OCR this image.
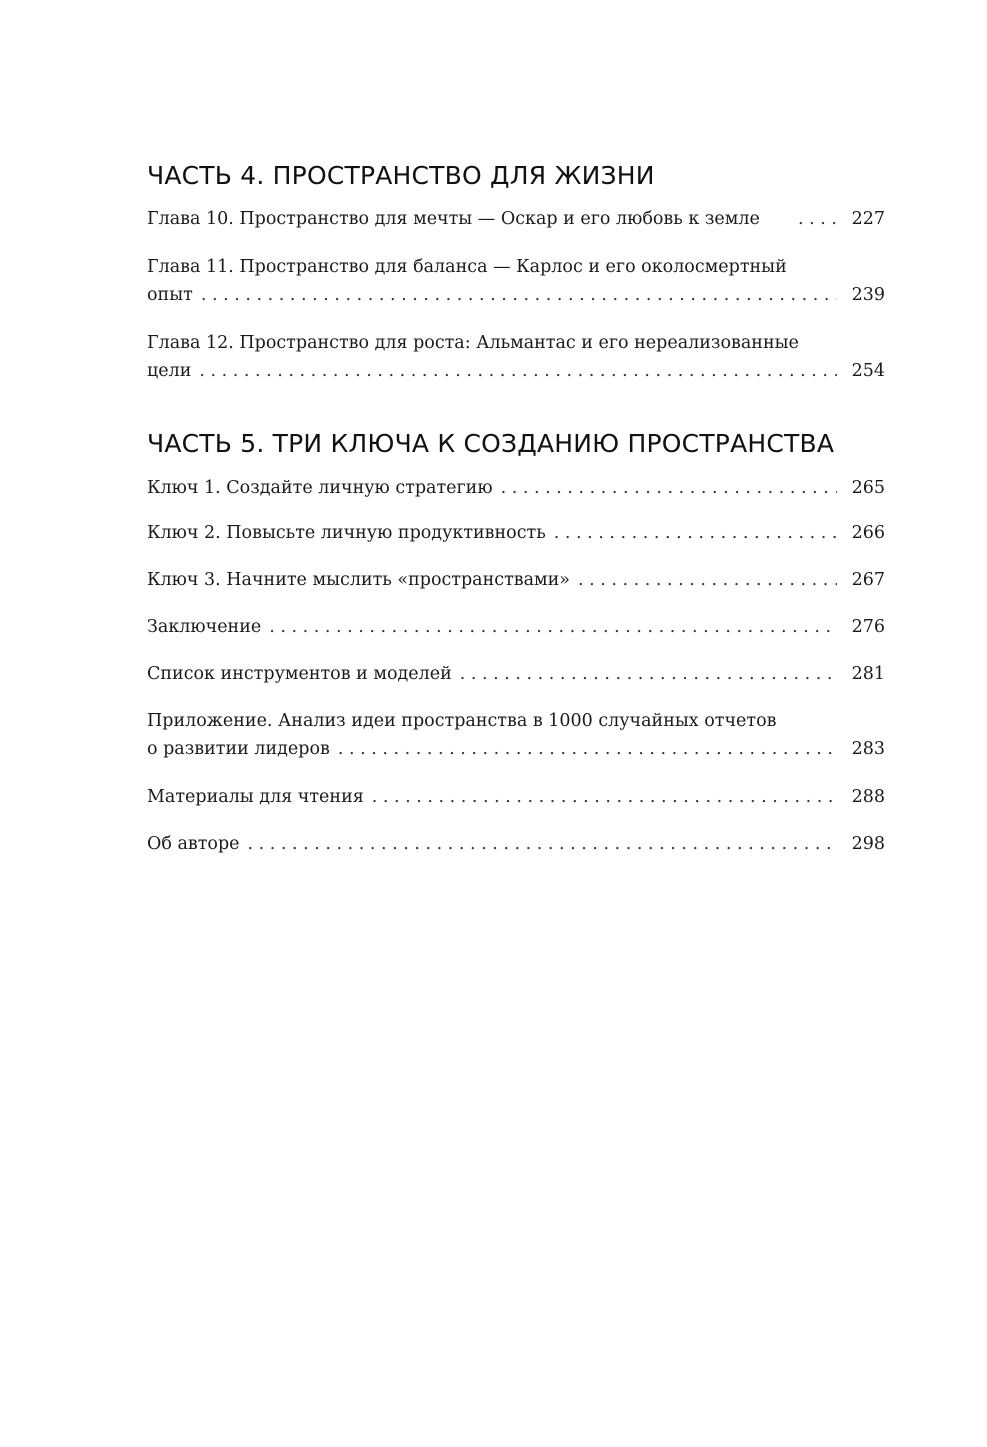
ЧАСТЬ 4. ПРОСТРАНСТВО ДЛЯ ЖИЗНИ
Глава 10. Пространство для мечты — Оскар и его любовь к земле . . . .	227
Глава 11. Пространство для баланса — Карлос и его околосмертный
опыт . . .	239
Глава 12. Пространство для роста: Альмантас и его нереализованные
цели . . .	254
ЧАСТЬ 5. ТРИ КЛЮЧА К СОЗДАНИЮ ПРОСТРАНСТВА
Ключ 1. Создайте личную стратегию . . .	265
Ключ 2. Повысьте личную продуктивность . . .	266
Ключ 3. Начните мыслить «пространствами» . . .	267
Заключение . . .	276
Список инструментов и моделей . . .	281
Приложение. Анализ идеи пространства в 1000 случайных отчетов
о развитии лидеров . . .	283
Материалы для чтения . . .	288
Об авторе . . .	298
